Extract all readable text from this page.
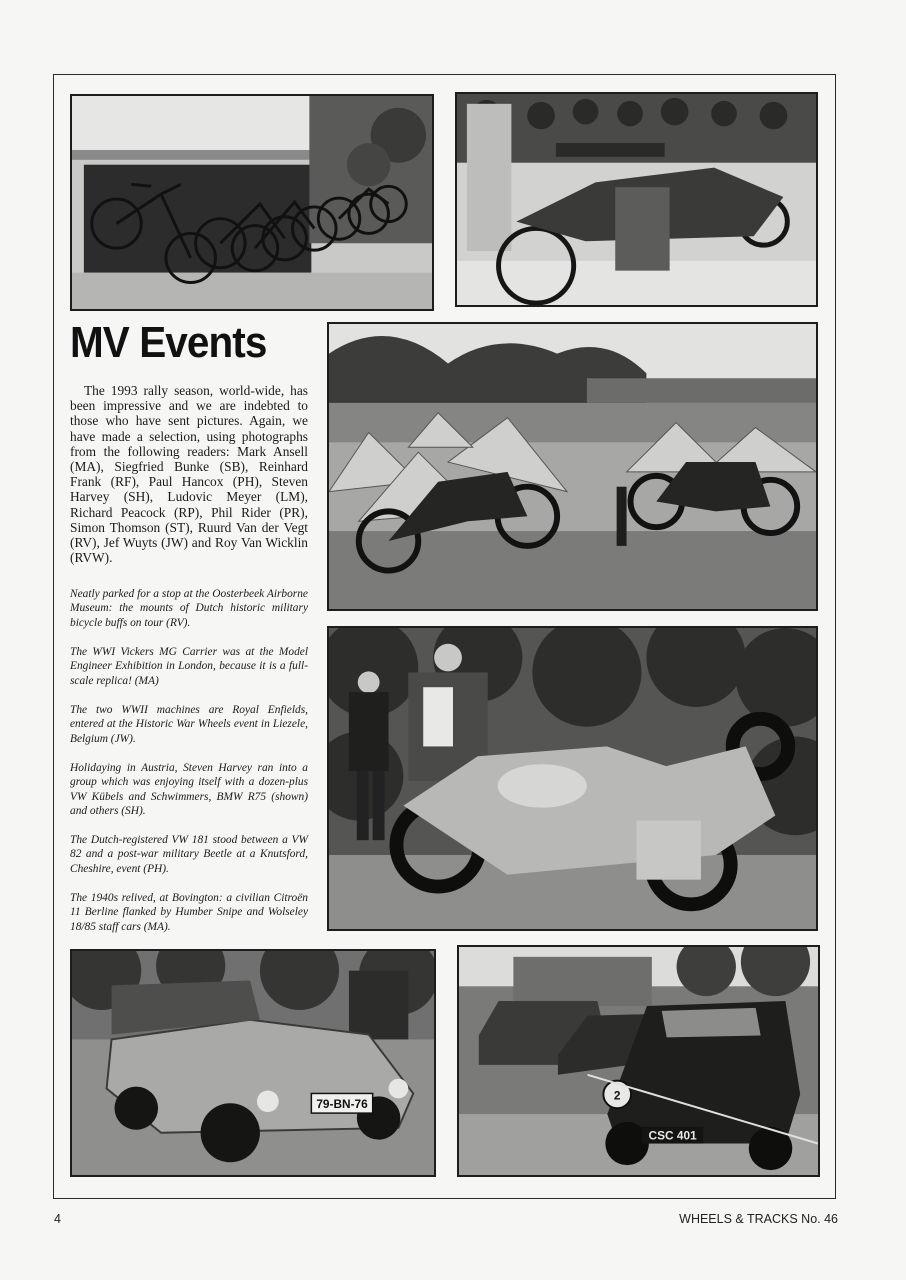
79-BN-76
2
CSC 401
MV Events

The 1993 rally season, world-wide, has been impressive and we are indebted to those who have sent pictures. Again, we have made a selection, using photographs from the following readers: Mark Ansell (MA), Siegfried Bunke (SB), Reinhard Frank (RF), Paul Hancox (PH), Steven Harvey (SH), Ludovic Meyer (LM), Richard Peacock (RP), Phil Rider (PR), Simon Thomson (ST), Ruurd Van der Vegt (RV), Jef Wuyts (JW) and Roy Van Wicklin (RVW).

Neatly parked for a stop at the Oosterbeek Airborne Museum: the mounts of Dutch historic military bicycle buffs on tour (RV).

The WWI Vickers MG Carrier was at the Model Engineer Exhibition in London, because it is a full-scale replica! (MA)

The two WWII machines are Royal Enfields, entered at the Historic War Wheels event in Liezele, Belgium (JW).

Holidaying in Austria, Steven Harvey ran into a group which was enjoying itself with a dozen-plus VW Kübels and Schwimmers, BMW R75 (shown) and others (SH).

The Dutch-registered VW 181 stood between a VW 82 and a post-war military Beetle at a Knutsford, Cheshire, event (PH).

The 1940s relived, at Bovington: a civilian Citroën 11 Berline flanked by Humber Snipe and Wolseley 18/85 staff cars (MA).

4	WHEELS & TRACKS No. 46
